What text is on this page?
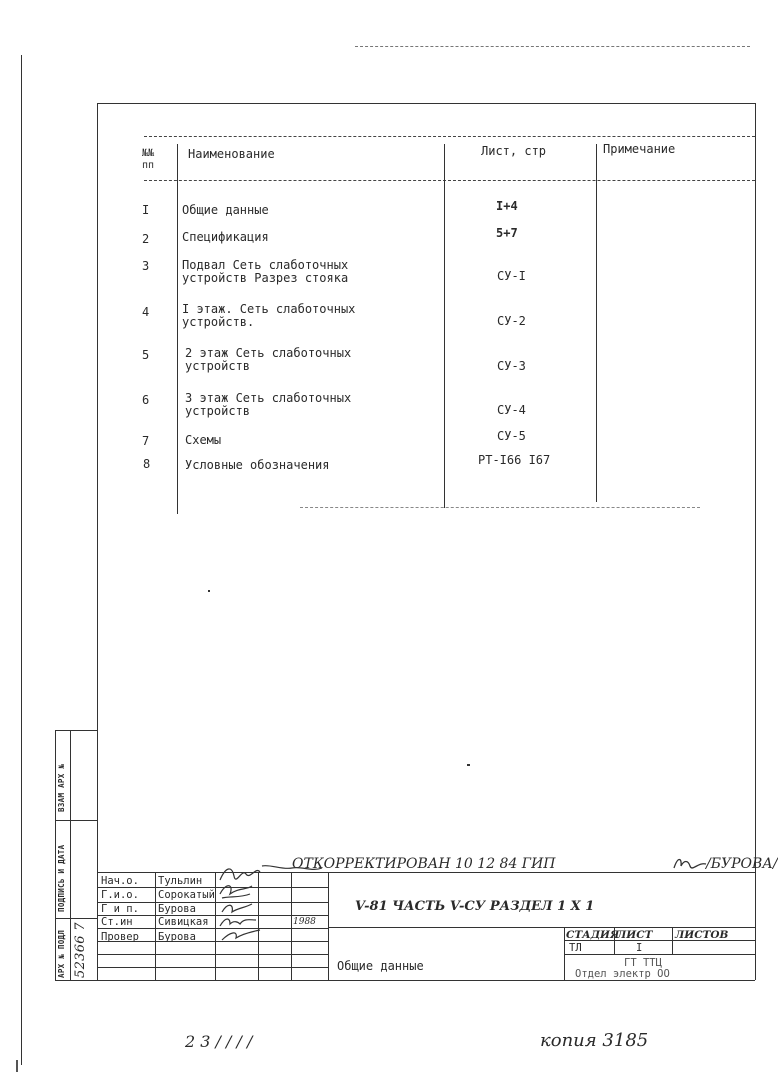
№№
пп
Наименование	Лист, стр	Примечание
I	Общие данные	I+4
2	Спецификация	5+7
3	Подвал Сеть слаботочных
устройств Разрез стояка	СУ-I
4	I этаж. Сеть слаботочных
устройств.	СУ-2
5	2 этаж Сеть слаботочных
устройств	СУ-3
6	3 этаж Сеть слаботочных
устройств	СУ-4
7	Схемы	СУ-5
8	Условные обозначения	РТ-I66 I67
ВЗАМ АРХ №
ПОДПИСЬ И ДАТА
АРХ № ПОДЛ 52366 7
ОТКОРРЕКТИРОВАН 10 12 84 ГИП	/БУРОВА/
Нач.о. Тульлин
Г.и.о. Сорокатый
Г и п. Бурова
Ст.ин Сивицкая
Провер Бурова
1988
V-81 ЧАСТЬ V-СУ РАЗДЕЛ 1 Х 1
Общие данные
СТАДИЯ
ЛИСТ ЛИСТОВ
ТЛ	I
ГТ ТТЦ
Отдел электр ОО
2 3 / / / /	копия 3185
